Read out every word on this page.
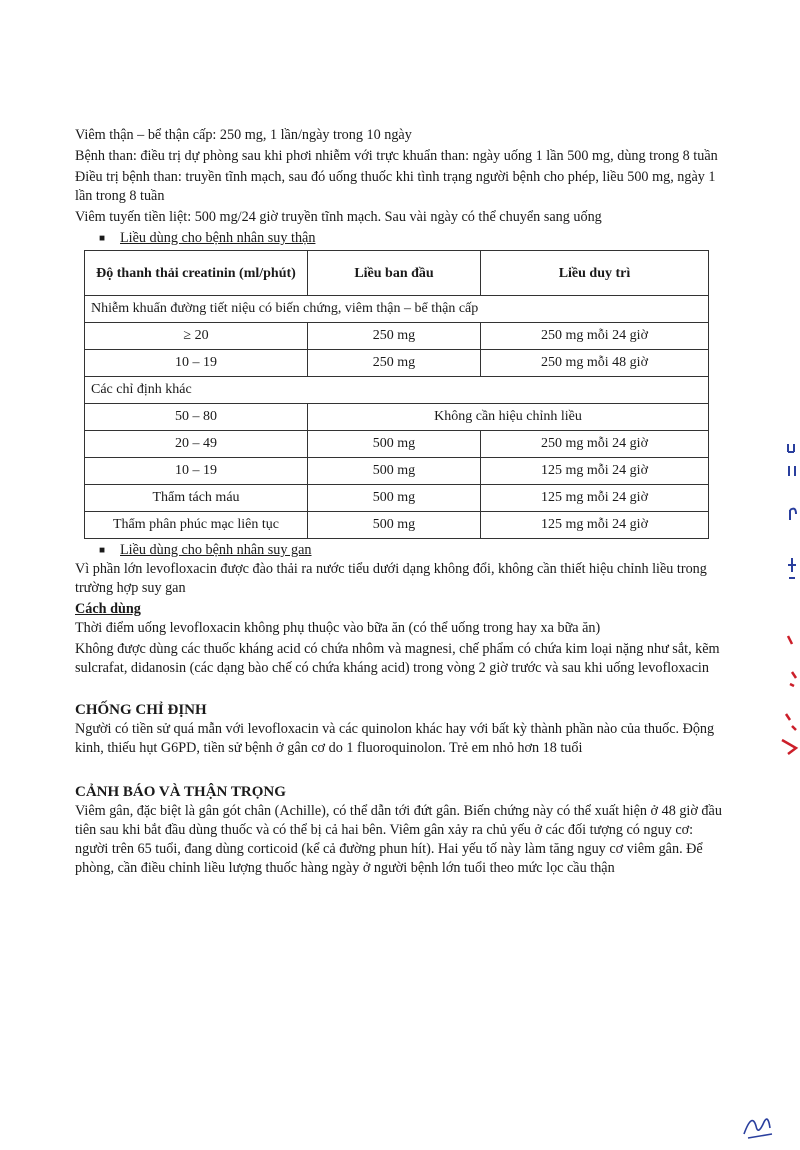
Viêm thận – bể thận cấp: 250 mg, 1 lần/ngày trong 10 ngày

Bệnh than: điều trị dự phòng sau khi phơi nhiễm với trực khuẩn than: ngày uống 1 lần 500 mg, dùng trong 8 tuần

Điều trị bệnh than: truyền tĩnh mạch, sau đó uống thuốc khi tình trạng người bệnh cho phép, liều 500 mg, ngày 1 lần trong 8 tuần

Viêm tuyến tiền liệt: 500 mg/24 giờ truyền tĩnh mạch. Sau vài ngày có thể chuyển sang uống

■ Liều dùng cho bệnh nhân suy thận
Độ thanh thải creatinin (ml/phút)	Liều ban đầu	Liều duy trì
Nhiễm khuẩn đường tiết niệu có biến chứng, viêm thận – bể thận cấp		
≥ 20	250 mg	250 mg mỗi 24 giờ
10 – 19	250 mg	250 mg mỗi 48 giờ
Các chỉ định khác		
50 – 80	Không cần hiệu chỉnh liều	
20 – 49	500 mg	250 mg mỗi 24 giờ
10 – 19	500 mg	125 mg mỗi 24 giờ
Thẩm tách máu	500 mg	125 mg mỗi 24 giờ
Thẩm phân phúc mạc liên tục	500 mg	125 mg mỗi 24 giờ
■ Liều dùng cho bệnh nhân suy gan

Vì phần lớn levofloxacin được đào thải ra nước tiểu dưới dạng không đổi, không cần thiết hiệu chỉnh liều trong trường hợp suy gan

Cách dùng

Thời điểm uống levofloxacin không phụ thuộc vào bữa ăn (có thể uống trong hay xa bữa ăn)

Không được dùng các thuốc kháng acid có chứa nhôm và magnesi, chế phẩm có chứa kim loại nặng như sắt, kẽm sulcrafat, didanosin (các dạng bào chế có chứa kháng acid) trong vòng 2 giờ trước và sau khi uống levofloxacin

CHỐNG CHỈ ĐỊNH

Người có tiền sử quá mẫn với levofloxacin và các quinolon khác hay với bất kỳ thành phần nào của thuốc. Động kinh, thiếu hụt G6PD, tiền sử bệnh ở gân cơ do 1 fluoroquinolon. Trẻ em nhỏ hơn 18 tuổi

CẢNH BÁO VÀ THẬN TRỌNG

Viêm gân, đặc biệt là gân gót chân (Achille), có thể dẫn tới đứt gân. Biến chứng này có thể xuất hiện ở 48 giờ đầu tiên sau khi bắt đầu dùng thuốc và có thể bị cả hai bên. Viêm gân xảy ra chủ yếu ở các đối tượng có nguy cơ: người trên 65 tuổi, đang dùng corticoid (kể cả đường phun hít). Hai yếu tố này làm tăng nguy cơ viêm gân. Để phòng, cần điều chỉnh liều lượng thuốc hàng ngày ở người bệnh lớn tuổi theo mức lọc cầu thận
